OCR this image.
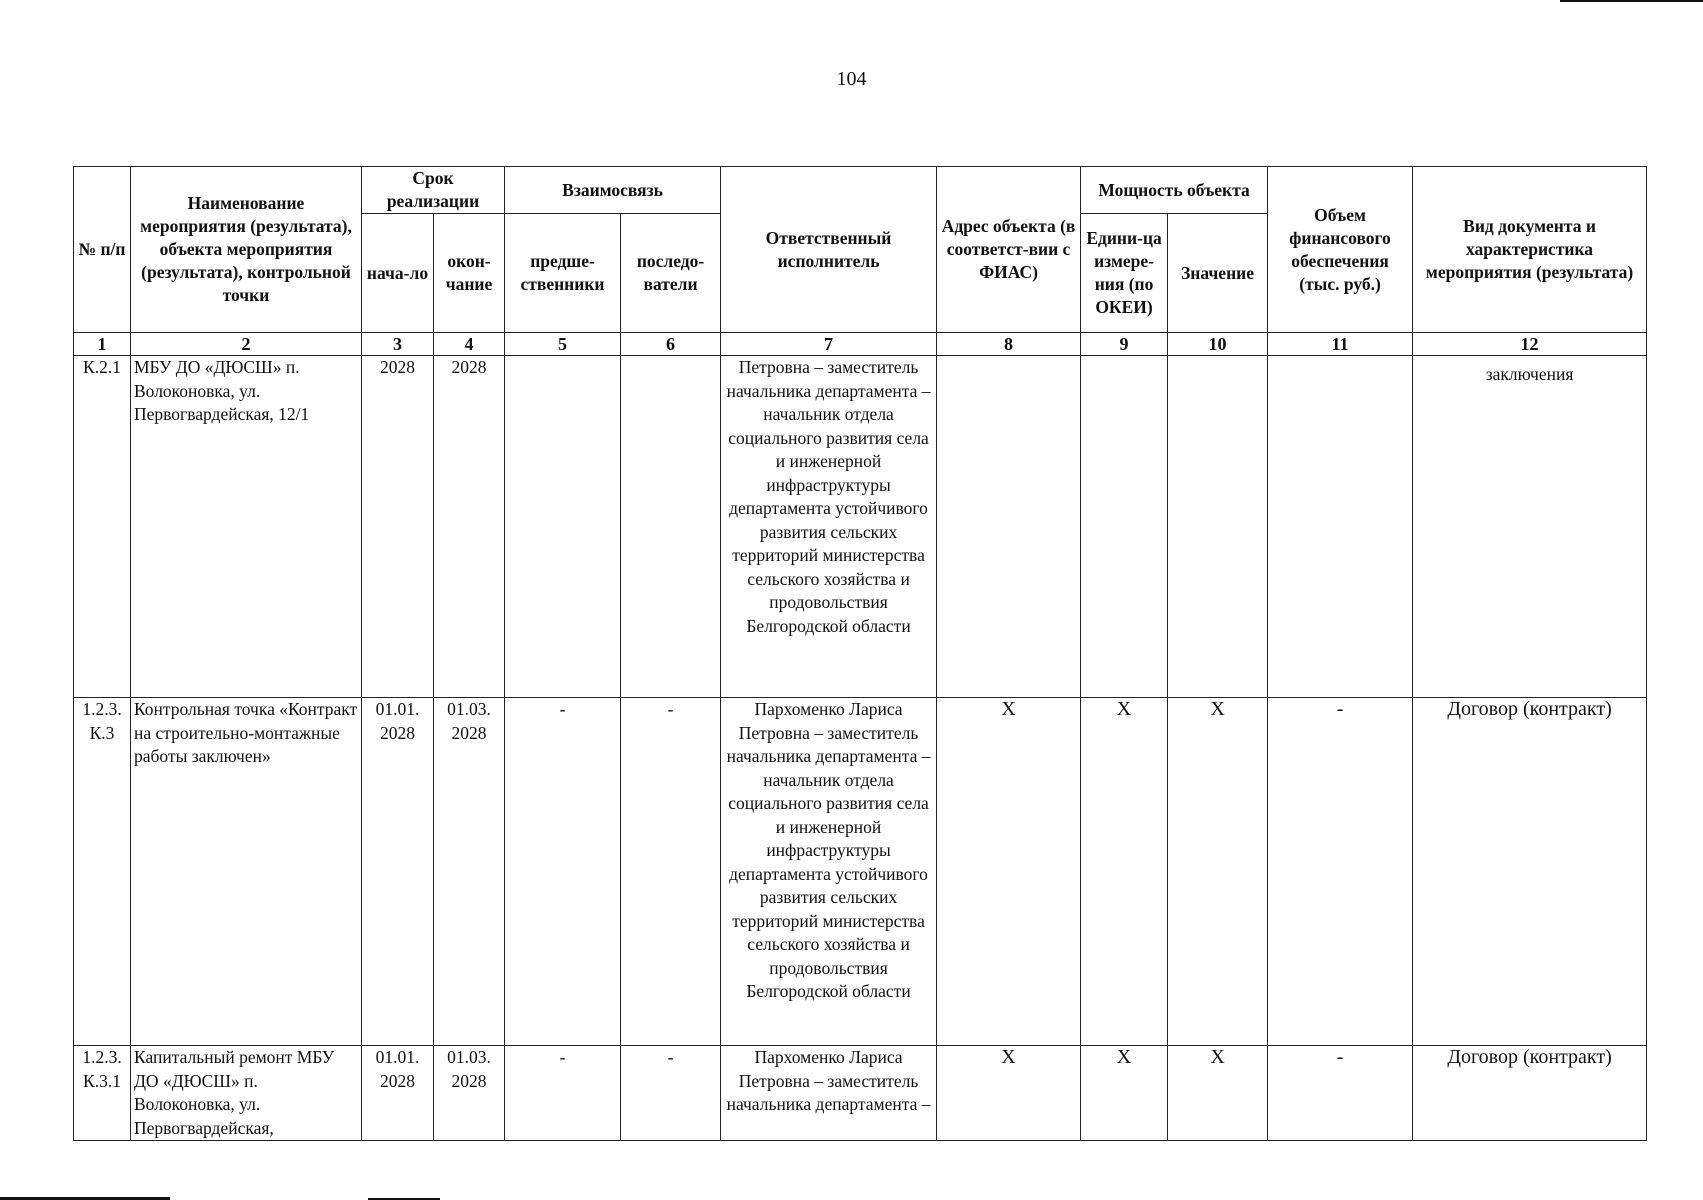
104
№ п/п	Наименование мероприятия (результата), объекта мероприятия (результата), контрольной точки	Срок реализации		Взаимосвязь		Ответственный исполнитель	Адрес объекта (в соответст-вии с ФИАС)	Мощность объекта		Объем финансового обеспечения (тыс. руб.)	Вид документа и характеристика мероприятия (результата)
		нача-ло	окон-чание	предше-ственники	последо-ватели			Едини-ца измере-ния (по ОКЕИ)	Значение		
1	2	3	4	5	6	7	8	9	10	11	12
К.2.1	МБУ ДО «ДЮСШ» п. Волоконовка, ул. Первогвардейская, 12/1	2028	2028			Петровна – заместитель начальника департамента – начальник отдела социального развития села и инженерной инфраструктуры департамента устойчивого развития сельских территорий министерства сельского хозяйства и продовольствия Белгородской области					заключения
1.2.3. К.3	Контрольная точка «Контракт на строительно-монтажные работы заключен»	01.01. 2028	01.03. 2028	-	-	Пархоменко Лариса Петровна – заместитель начальника департамента – начальник отдела социального развития села и инженерной инфраструктуры департамента устойчивого развития сельских территорий министерства сельского хозяйства и продовольствия Белгородской области	Х	Х	Х	-	Договор (контракт)
1.2.3. К.3.1	Капитальный ремонт МБУ ДО «ДЮСШ» п. Волоконовка, ул. Первогвардейская,	01.01. 2028	01.03. 2028	-	-	Пархоменко Лариса Петровна – заместитель начальника департамента –	Х	Х	Х	-	Договор (контракт)
